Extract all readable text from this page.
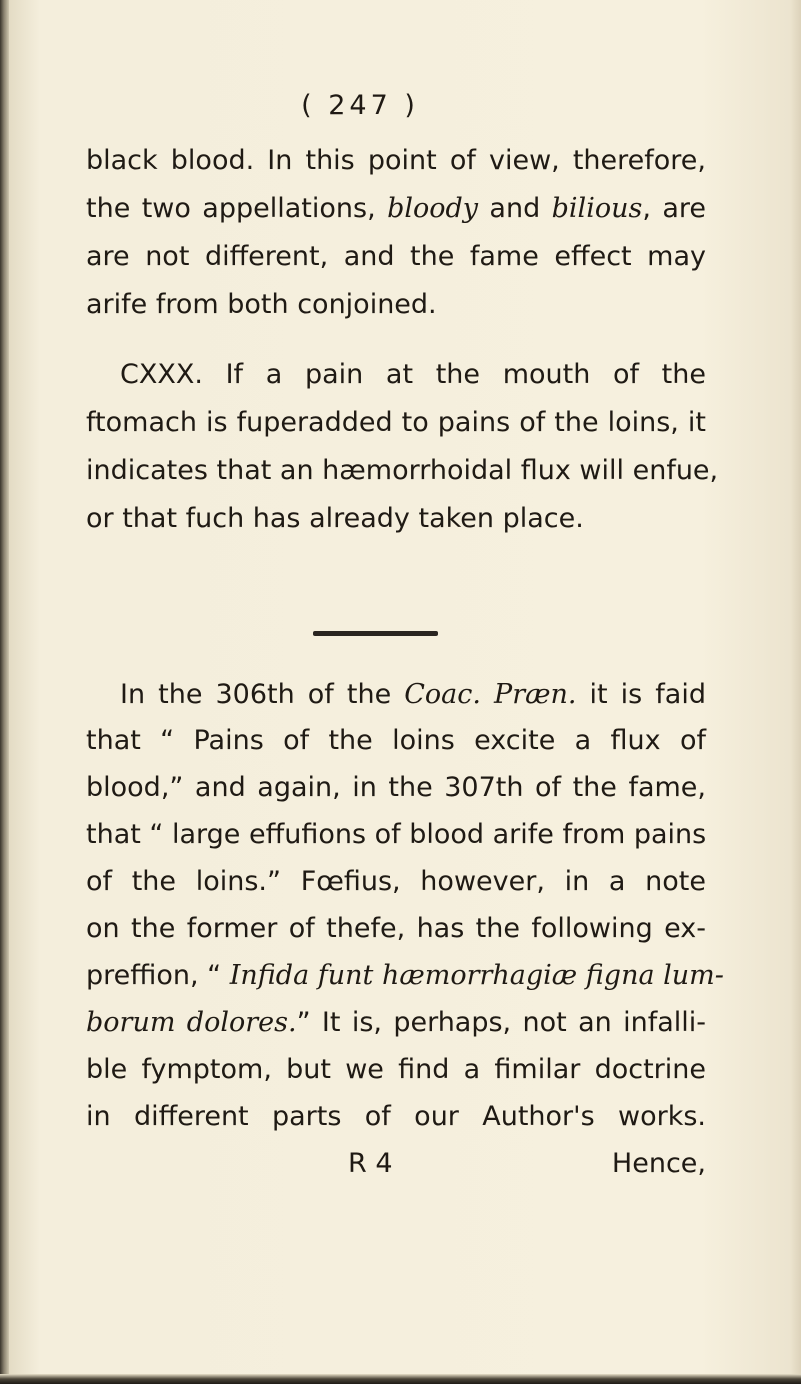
( 247 )
black blood. In this point of view, therefore,
the two appellations, bloody and bilious, are
are not different, and the fame effect may
arife from both conjoined.
CXXX. If a pain at the mouth of the
ftomach is fuperadded to pains of the loins, it
indicates that an hæmorrhoidal flux will enfue,
or that fuch has already taken place.
In the 306th of the Coac. Præn. it is faid
that “ Pains of the loins excite a flux of
blood,” and again, in the 307th of the fame,
that “ large effufions of blood arife from pains
of the loins.” Fœfius, however, in a note
on the former of thefe, has the following ex-
preffion, “ Infida funt hæmorrhagiæ figna lum-
borum dolores.” It is, perhaps, not an infalli-
ble fymptom, but we find a fimilar doctrine
in different parts of our Author's works.
R 4	Hence,
